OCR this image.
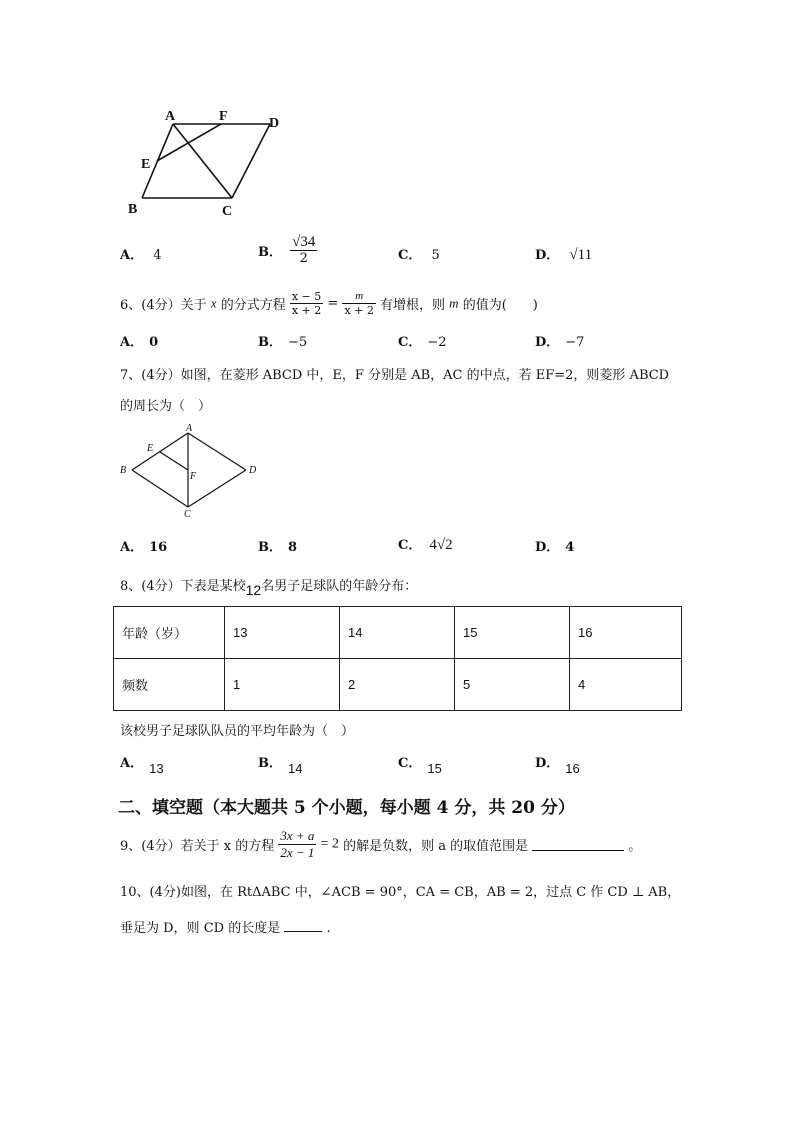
A	F	D
E
B	C
A． 4	B． $\frac{√34}{2}$	C． 5	D． √11
6、(4分）关于 x 的分式方程 $\frac{x - 5}{x + 2} = \frac{m}{x + 2}$ 有增根，则 m 的值为(　　)
A． 0	B． −5	C． −2	D． −7
7、(4分）如图，在菱形 ABCD 中，E，F 分别是 AB，AC 的中点，若 EF=2，则菱形 ABCD
的周长为（　）
A
E
B
F
D
C
A． 16	B． 8	C． 4√2	D． 4
8、(4分）下表是某校12名男子足球队的年龄分布：
年龄（岁）	13	14	15	16
频数	1	2	5	4
该校男子足球队队员的平均年龄为（　）
A． 13	B． 14	C． 15	D． 16
二、填空题（本大题共 5 个小题，每小题 4 分，共 20 分）
9、(4分）若关于 x 的方程 $\frac{3x + a}{2x - 1} = 2$ 的解是负数，则 a 的取值范围是	。
10、(4分)如图，在 RtΔABC 中，∠ACB = 90°，CA = CB，AB = 2，过点 C 作 CD ⊥ AB，
垂足为 D，则 CD 的长度是	.
